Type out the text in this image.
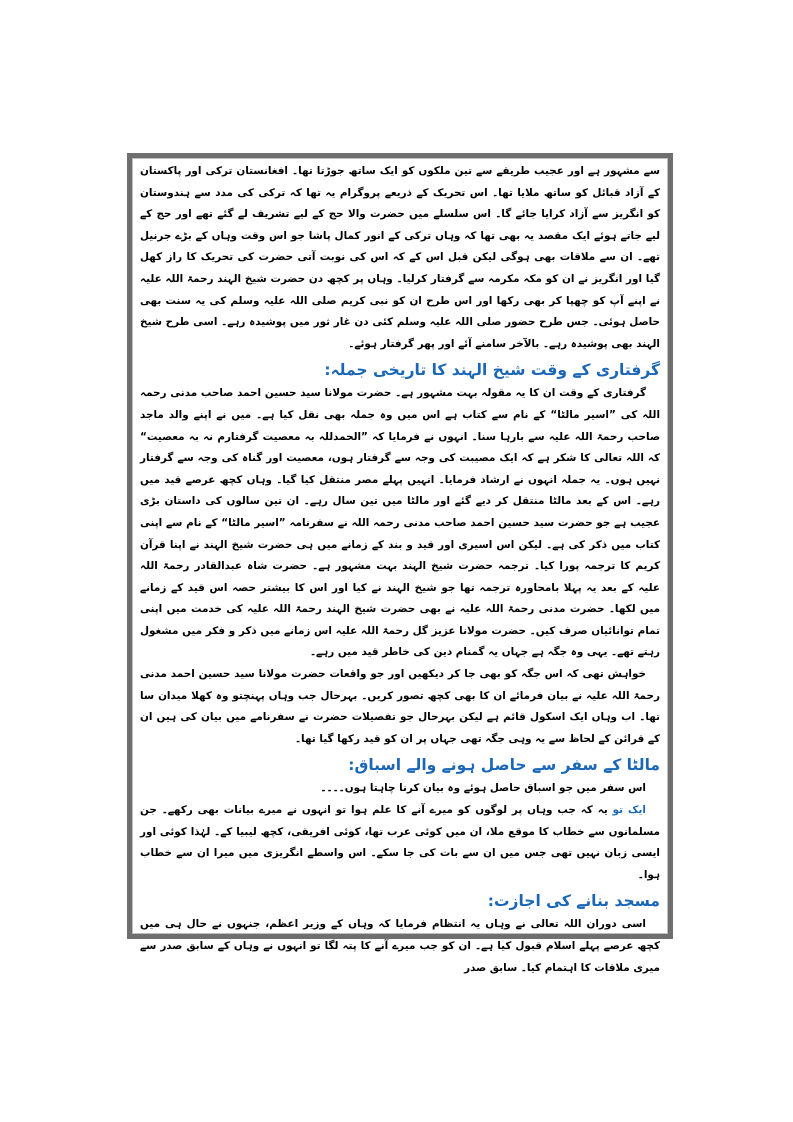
سے مشہور ہے اور عجیب طریقے سے تین ملکوں کو ایک ساتھ جوڑتا تھا۔ افغانستان ترکی اور پاکستان کے آزاد قبائل کو ساتھ ملایا تھا۔ اس تحریک کے ذریعے پروگرام یہ تھا کہ ترکی کی مدد سے ہندوستان کو انگریز سے آزاد کرایا جائے گا۔ اس سلسلے میں حضرت والا حج کے لیے تشریف لے گئے تھے اور حج کے لیے جاتے ہوئے ایک مقصد یہ بھی تھا کہ وہاں ترکی کے انور کمال پاشا جو اس وقت وہاں کے بڑے جرنیل تھے۔ ان سے ملاقات بھی ہوگی لیکن قبل اس کے کہ اس کی نوبت آتی حضرت کی تحریک کا راز کھل گیا اور انگریز نے ان کو مکہ مکرمہ سے گرفتار کرلیا۔ وہاں پر کچھ دن حضرت شیخ الہند رحمۃ اللہ علیہ نے اپنے آپ کو چھپا کر بھی رکھا اور اس طرح ان کو نبی کریم صلی اللہ علیہ وسلم کی یہ سنت بھی حاصل ہوئی۔ جس طرح حضور صلی اللہ علیہ وسلم کئی دن غار ثور میں پوشیدہ رہے۔ اسی طرح شیخ الہند بھی پوشیدہ رہے۔ بالآخر سامنے آئے اور پھر گرفتار ہوئے۔

گرفتاری کے وقت شیخ الہند کا تاریخی جملہ:

گرفتاری کے وقت ان کا یہ مقولہ بہت مشہور ہے۔ حضرت مولانا سید حسین احمد صاحب مدنی رحمہ اللہ کی ”اسیر مالٹا“ کے نام سے کتاب ہے اس میں وہ جملہ بھی نقل کیا ہے۔ میں نے اپنے والد ماجد صاحب رحمۃ اللہ علیہ سے بارہا سنا۔ انہوں نے فرمایا کہ ”الحمدللہ بہ معصیت گرفتارم نہ بہ معصیت“ کہ اللہ تعالی کا شکر ہے کہ ایک مصیبت کی وجہ سے گرفتار ہوں، معصیت اور گناہ کی وجہ سے گرفتار نہیں ہوں۔ یہ جملہ انہوں نے ارشاد فرمایا۔ انہیں پہلے مصر منتقل کیا گیا۔ وہاں کچھ عرصے قید میں رہے۔ اس کے بعد مالٹا منتقل کر دیے گئے اور مالٹا میں تین سال رہے۔ ان تین سالوں کی داستان بڑی عجیب ہے جو حضرت سید حسین احمد صاحب مدنی رحمہ اللہ نے سفرنامہ ”اسیر مالٹا“ کے نام سے اپنی کتاب میں ذکر کی ہے۔ لیکن اس اسیری اور قید و بند کے زمانے میں ہی حضرت شیخ الہند نے اپنا قرآن کریم کا ترجمہ پورا کیا۔ ترجمہ حضرت شیخ الہند بہت مشہور ہے۔ حضرت شاہ عبدالقادر رحمۃ اللہ علیہ کے بعد یہ پہلا بامحاورہ ترجمہ تھا جو شیخ الہند نے کیا اور اس کا بیشتر حصہ اس قید کے زمانے میں لکھا۔ حضرت مدنی رحمۃ اللہ علیہ نے بھی حضرت شیخ الہند رحمۃ اللہ علیہ کی خدمت میں اپنی تمام توانائیاں صرف کیں۔ حضرت مولانا عزیز گل رحمۃ اللہ علیہ اس زمانے میں ذکر و فکر میں مشغول رہتے تھے۔ یہی وہ جگہ ہے جہاں یہ گمنام دین کی خاطر قید میں رہے۔

خواہش تھی کہ اس جگہ کو بھی جا کر دیکھیں اور جو واقعات حضرت مولانا سید حسین احمد مدنی رحمۃ اللہ علیہ نے بیان فرمائے ان کا بھی کچھ تصور کریں۔ بہرحال جب وہاں پہنچتو وہ کھلا میدان سا تھا۔ اب وہاں ایک اسکول قائم ہے لیکن بہرحال جو تفصیلات حضرت نے سفرنامے میں بیان کی ہیں ان کے قرائن کے لحاظ سے یہ وہی جگہ تھی جہاں پر ان کو قید رکھا گیا تھا۔

مالٹا کے سفر سے حاصل ہونے والے اسباق:

اس سفر میں جو اسباق حاصل ہوئے وہ بیان کرنا چاہتا ہوں۔۔۔۔

ایک تو یہ کہ جب وہاں پر لوگوں کو میرے آنے کا علم ہوا تو انہوں نے میرے بیانات بھی رکھے۔ جن مسلمانوں سے خطاب کا موقع ملا، ان میں کوئی عرب تھا، کوئی افریقی، کچھ لیبیا کے۔ لہٰذا کوئی اور ایسی زبان نہیں تھی جس میں ان سے بات کی جا سکے۔ اس واسطے انگریزی میں میرا ان سے خطاب ہوا۔

مسجد بنانے کی اجازت:

اسی دوران اللہ تعالی نے وہاں یہ انتظام فرمایا کہ وہاں کے وزیر اعظم، جنہوں نے حال ہی میں کچھ عرصے پہلے اسلام قبول کیا ہے۔ ان کو جب میرے آنے کا پتہ لگا تو انہوں نے وہاں کے سابق صدر سے میری ملاقات کا اہتمام کیا۔ سابق صدر
